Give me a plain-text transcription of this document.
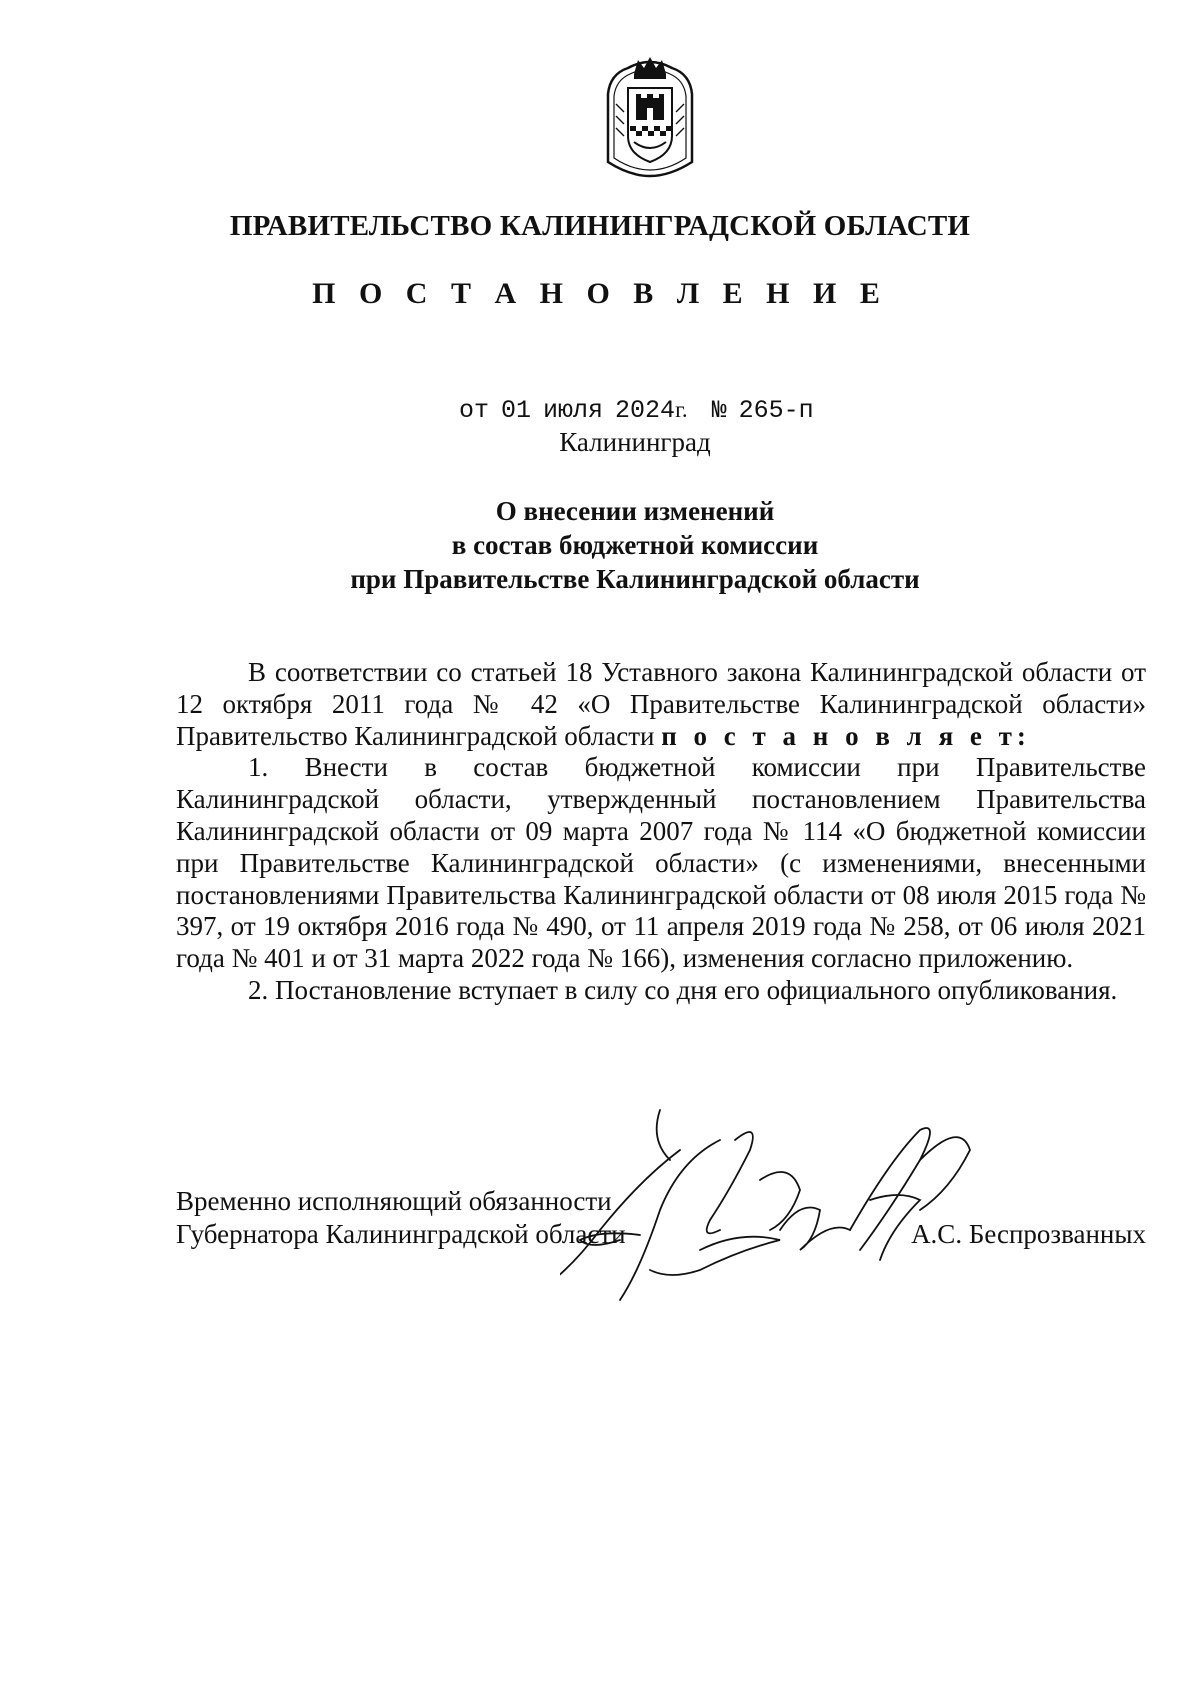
ПРАВИТЕЛЬСТВО КАЛИНИНГРАДСКОЙ ОБЛАСТИ
П О С Т А Н О В Л Е Н И Е
от 01 июля 2024г. № 265-п
Калининград
О внесении изменений
в состав бюджетной комиссии
при Правительстве Калининградской области

В соответствии со статьей 18 Уставного закона Калининградской области от 12 октября 2011 года № 42 «О Правительстве Калининградской области» Правительство Калининградской области п о с т а н о в л я е т:

1. Внести в состав бюджетной комиссии при Правительстве Калининградской области, утвержденный постановлением Правительства Калининградской области от 09 марта 2007 года № 114 «О бюджетной комиссии при Правительстве Калининградской области» (с изменениями, внесенными постановлениями Правительства Калининградской области от 08 июля 2015 года № 397, от 19 октября 2016 года № 490, от 11 апреля 2019 года № 258, от 06 июля 2021 года № 401 и от 31 марта 2022 года № 166), изменения согласно приложению.

2. Постановление вступает в силу со дня его официального опубликования.

Временно исполняющий обязанности
Губернатора Калининградской области	А.С. Беспрозванных
